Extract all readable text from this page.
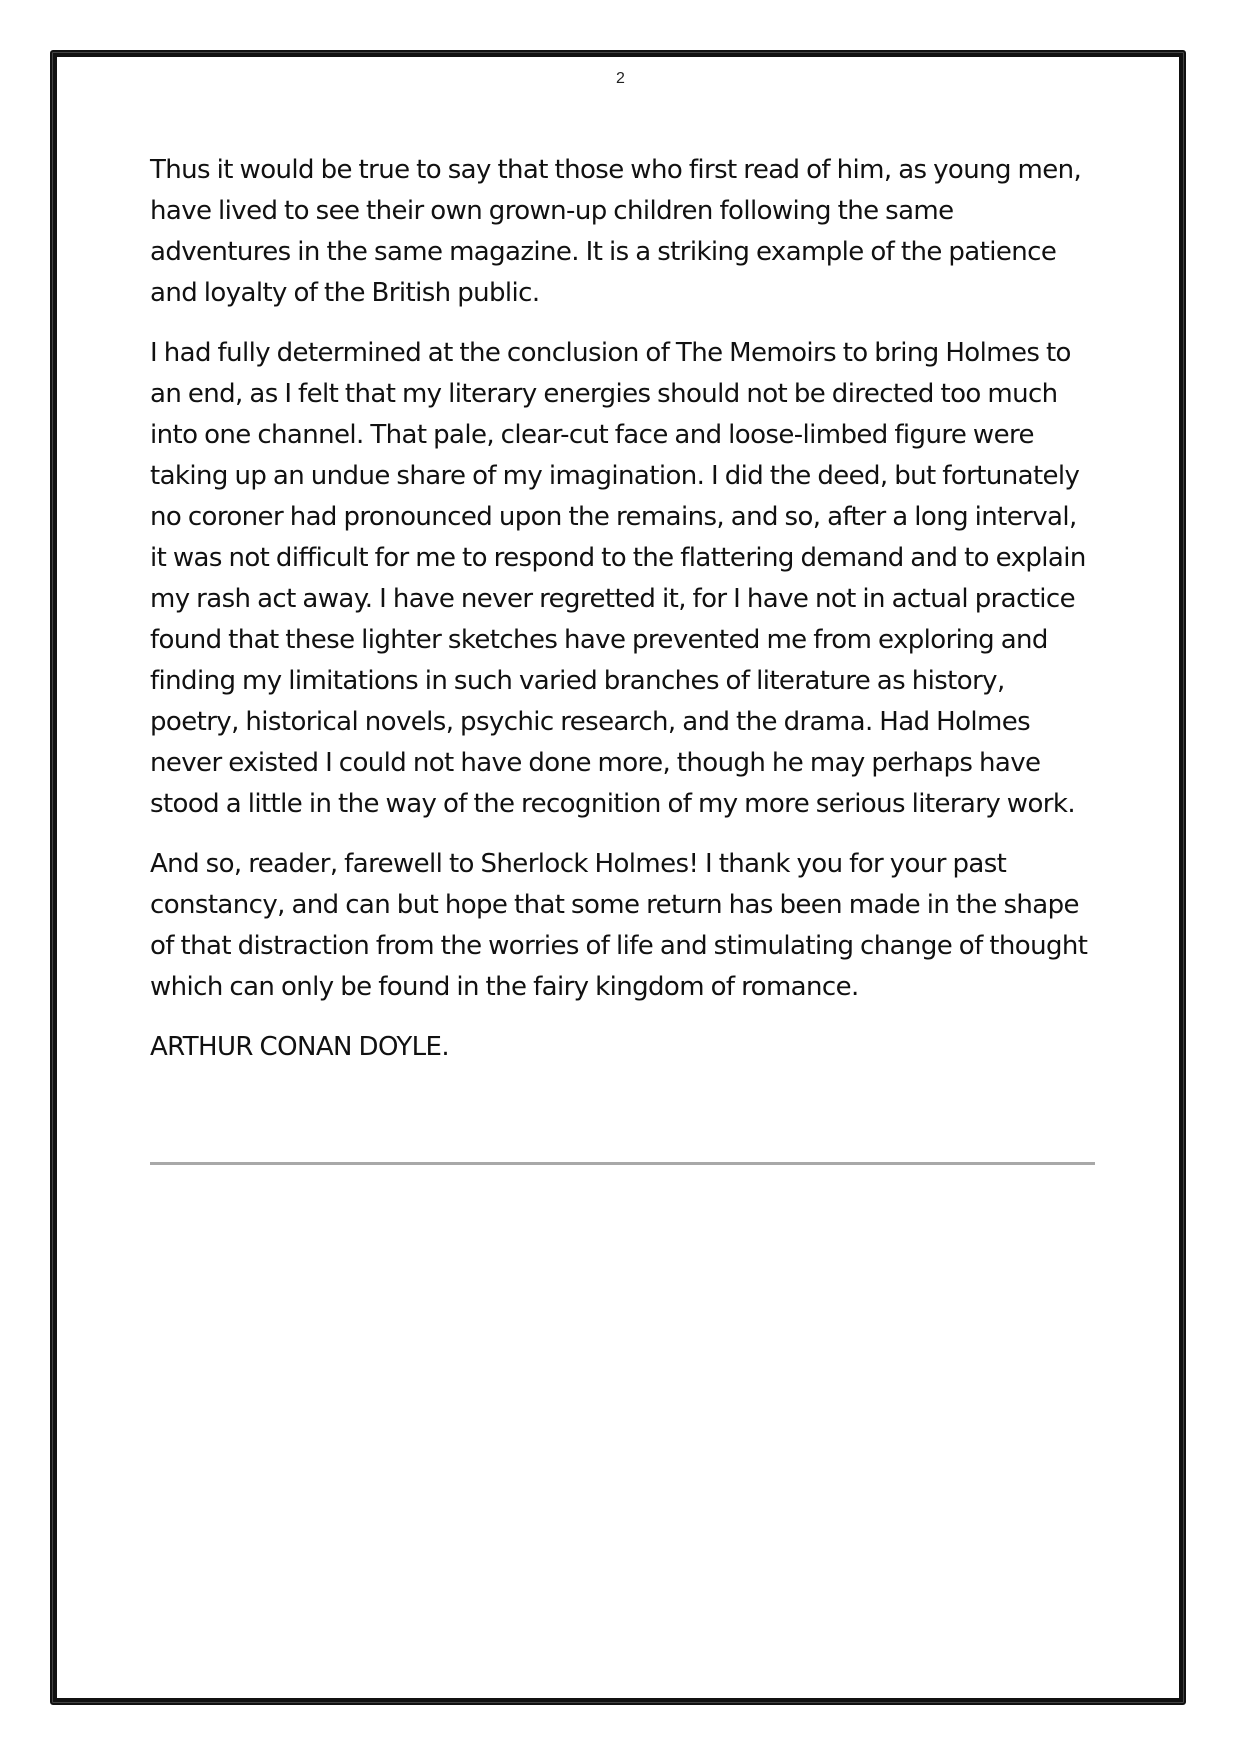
2

Thus it would be true to say that those who first read of him, as young men, have lived to see their own grown-up children following the same adventures in the same magazine. It is a striking example of the patience and loyalty of the British public.

I had fully determined at the conclusion of The Memoirs to bring Holmes to an end, as I felt that my literary energies should not be directed too much into one channel. That pale, clear-cut face and loose-limbed figure were taking up an undue share of my imagination. I did the deed, but fortunately no coroner had pronounced upon the remains, and so, after a long interval, it was not difficult for me to respond to the flattering demand and to explain my rash act away. I have never regretted it, for I have not in actual practice found that these lighter sketches have prevented me from exploring and finding my limitations in such varied branches of literature as history, poetry, historical novels, psychic research, and the drama. Had Holmes never existed I could not have done more, though he may perhaps have stood a little in the way of the recognition of my more serious literary work.

And so, reader, farewell to Sherlock Holmes! I thank you for your past constancy, and can but hope that some return has been made in the shape of that distraction from the worries of life and stimulating change of thought which can only be found in the fairy kingdom of romance.

ARTHUR CONAN DOYLE.
